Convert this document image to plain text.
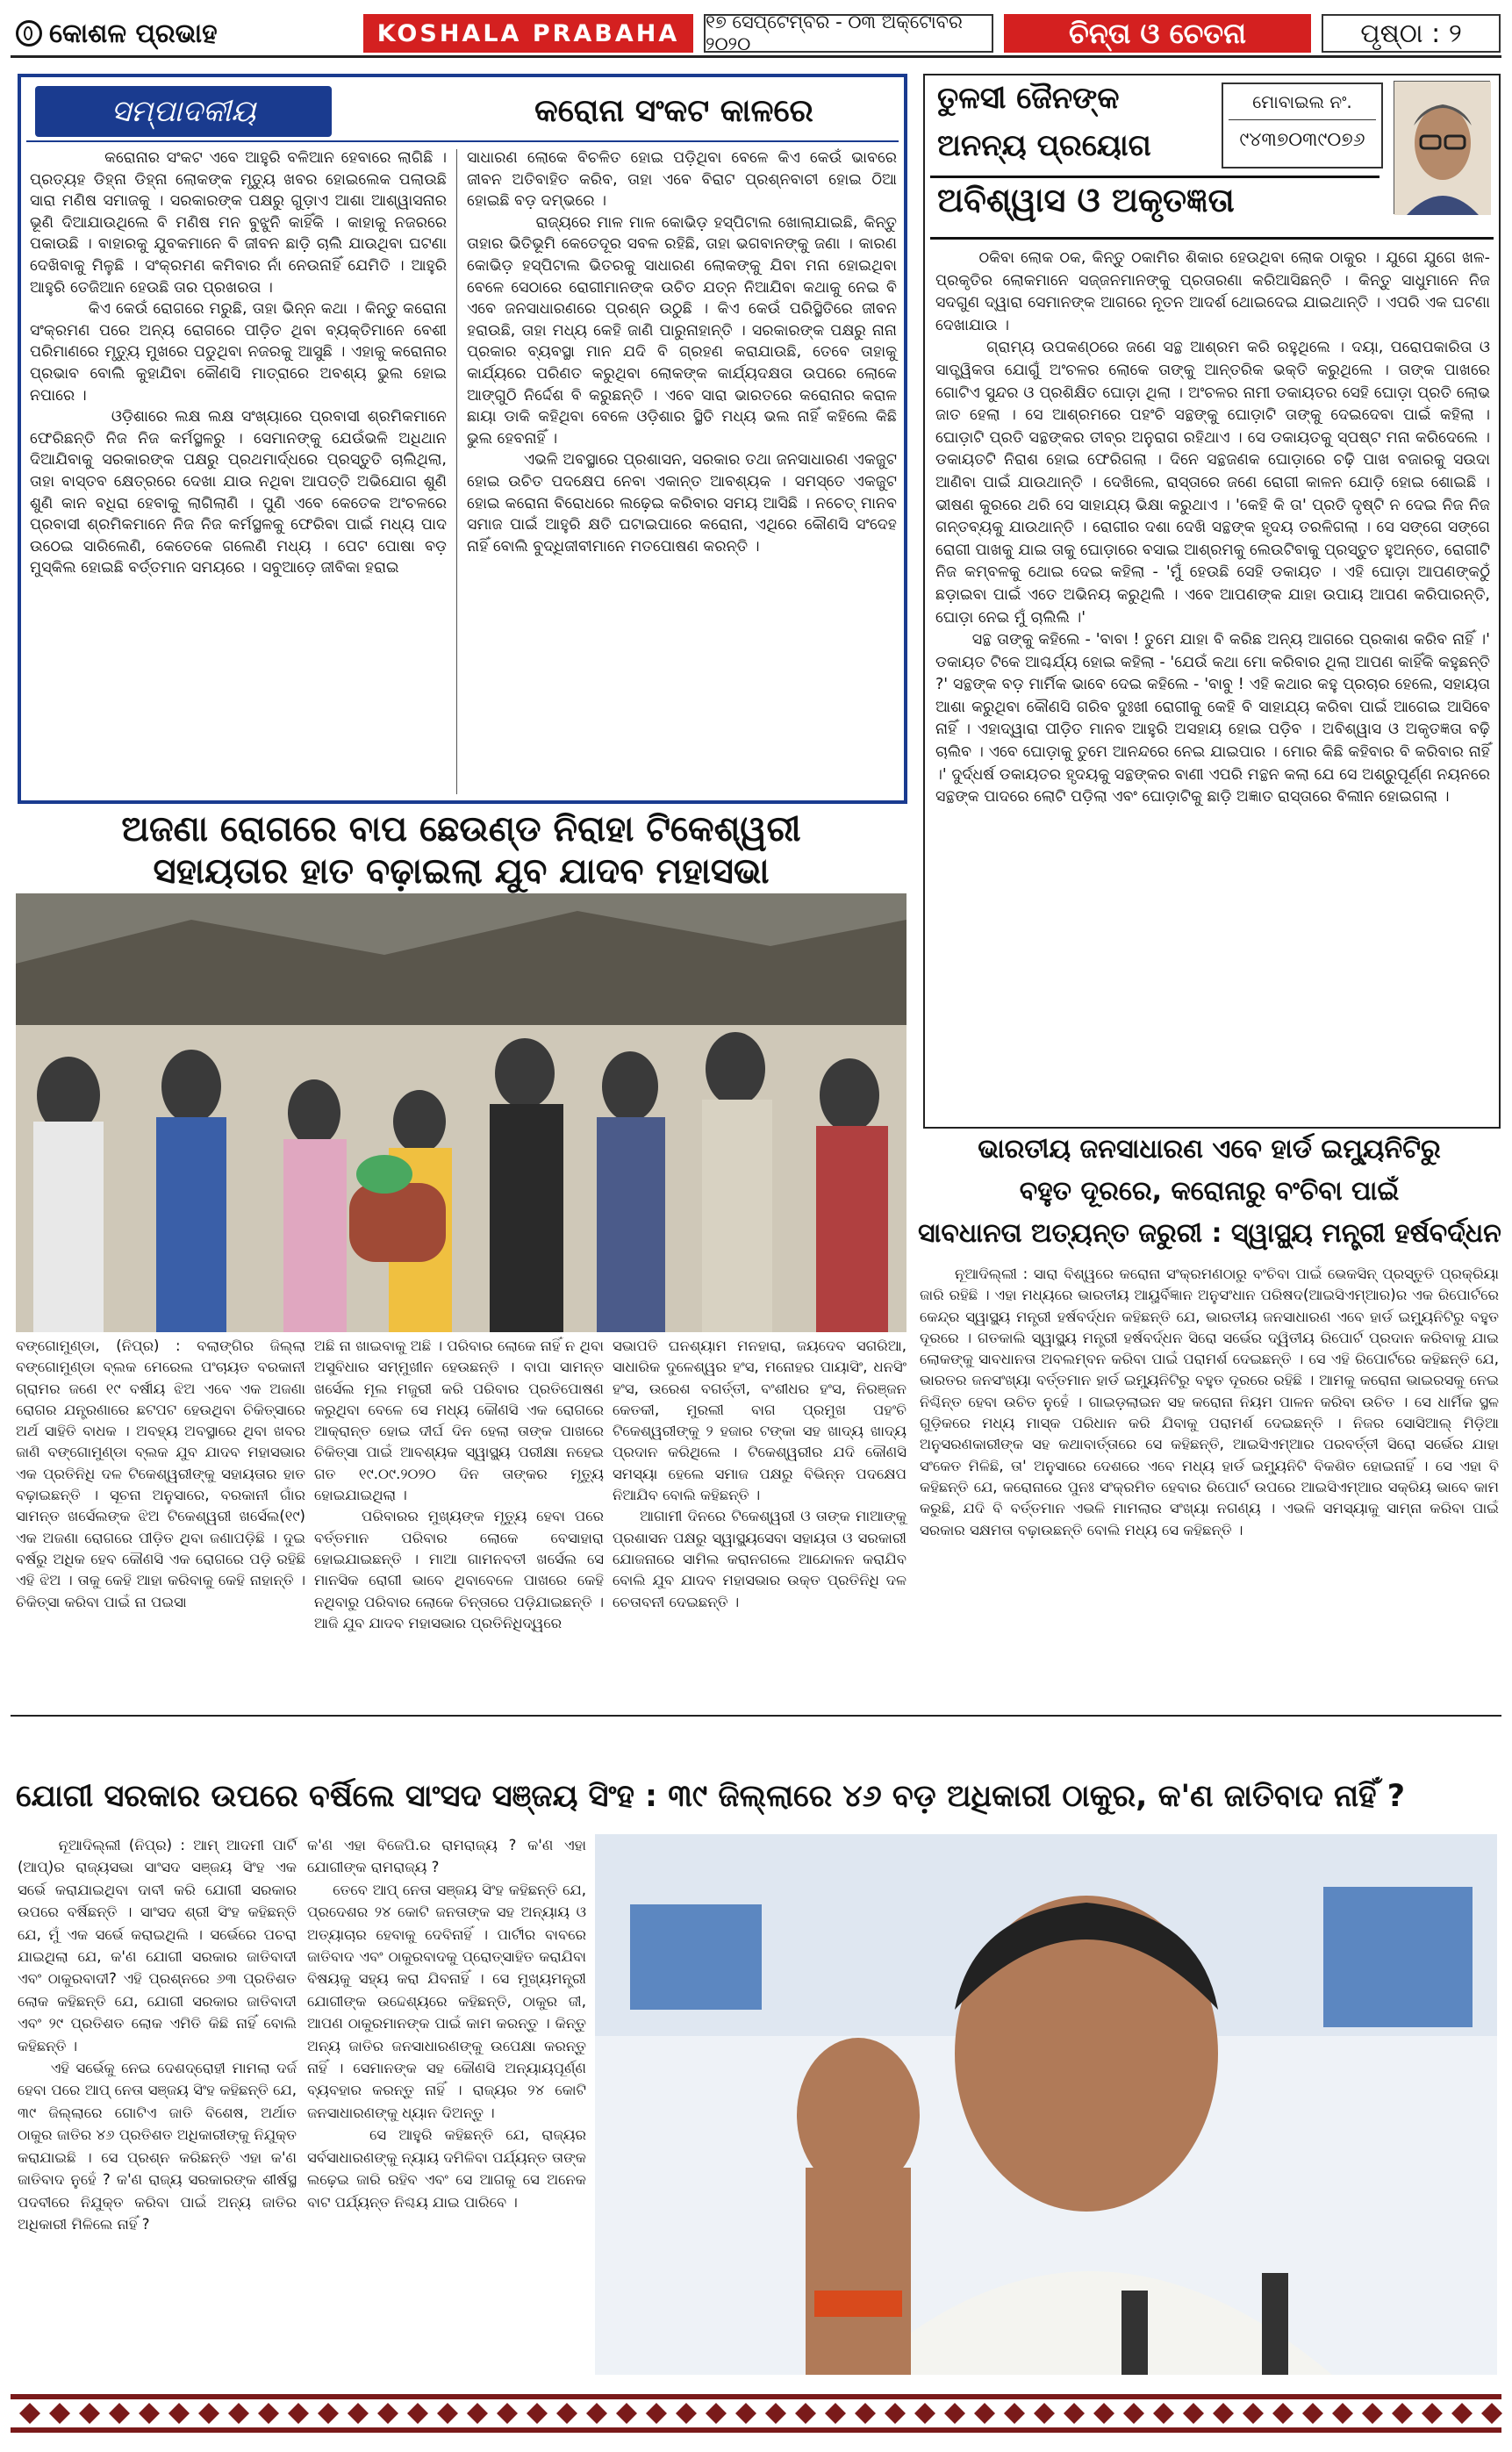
କୋଶଳ ପ୍ରଭାହ	KOSHALA PRABAHA ୧୭ ସେପ୍ଟେମ୍ବର - ୦୩ ଅକ୍ଟୋବର ୨୦୨୦	ଚିନ୍ତା ଓ ଚେତନା	ପୃଷ୍ଠା : ୨
ସମ୍ପାଦକୀୟ	କରୋନା ସଂକଟ କାଳରେ

କରୋନାର ସଂକଟ ଏବେ ଆହୁରି ବଳିଆନ ହେବାରେ ଲାଗିଛି । ପ୍ରତ୍ୟହ ଡିହ୍ନା ଡିହ୍ନା ଲୋକଙ୍କ ମୃତ୍ୟୁ ଖବର ହୋଇଲେକ ପଲାଉଛି ସାରା ମଣିଷ ସମାଜକୁ । ସରକାରଙ୍କ ପକ୍ଷରୁ ଗୁଡ଼ାଏ ଆଶା ଆଶ୍ୱାସନାର ଭୂଣି ଦିଆଯାଉଥିଲେ ବି ମଣିଷ ମନ ବୁଝୁନି କାହିଁକି । କାହାକୁ ନଜରରେ ପକାଉଛି । ବାହାରକୁ ଯୁବକମାନେ ବି ଜୀବନ ଛାଡ଼ି ଚାଲି ଯାଉଥିବା ଘଟଣା ଦେଖିବାକୁ ମିଳୁଛି । ସଂକ୍ରମଣ କମିବାର ନାଁ ନେଉନାହିଁ ଯେମିତି । ଆହୁରି ଆହୁରି ତେଜିଆନ ହେଉଛି ତାର ପ୍ରଖରତା ।
କିଏ କେଉଁ ରୋଗରେ ମରୁଛି, ତାହା ଭିନ୍ନ କଥା । କିନ୍ତୁ କରୋନା ସଂକ୍ରମଣ ପରେ ଅନ୍ୟ ରୋଗରେ ପୀଡ଼ିତ ଥିବା ବ୍ୟକ୍ତିମାନେ ବେଶୀ ପରିମାଣରେ ମୃତ୍ୟୁ ମୁଖରେ ପଡୁଥିବା ନଜରକୁ ଆସୁଛି । ଏହାକୁ କରୋନାର ପ୍ରଭାବ ବୋଲି କୁହାଯିବା କୌଣସି ମାତ୍ରାରେ ଅବଶ୍ୟ ଭୁଲ ହୋଇ ନପାରେ ।
ଓଡ଼ିଶାରେ ଲକ୍ଷ ଲକ୍ଷ ସଂଖ୍ୟାରେ ପ୍ରବାସୀ ଶ୍ରମିକମାନେ ଫେରିଛନ୍ତି ନିଜ ନିଜ କର୍ମସ୍ଥଳରୁ । ସେମାନଙ୍କୁ ଯେଉଁଭଳି ଅଧିଥାନ ଦିଆଯିବାକୁ ସରକାରଙ୍କ ପକ୍ଷରୁ ପ୍ରଥମାର୍ଦ୍ଧରେ ପ୍ରସ୍ତୁତି ଚାଲିଥିଲା, ତାହା ବାସ୍ତବ କ୍ଷେତ୍ରରେ ଦେଖା ଯାଉ ନଥିବା ଆପତ୍ତି ଅଭିଯୋଗ ଶୁଣି ଶୁଣି କାନ ବଧିରା ହେବାକୁ ଲାଗିଲାଣି । ପୁଣି ଏବେ କେତେକ ଅଂଚଳରେ ପ୍ରବାସୀ ଶ୍ରମିକମାନେ ନିଜ ନିଜ କର୍ମସ୍ଥଳକୁ ଫେରିବା ପାଇଁ ମଧ୍ୟ ପାଦ ଉଠେଇ ସାରିଲେଣି, କେତେକେ ଗଲେଣି ମଧ୍ୟ । ପେଟ ପୋଷା ବଡ଼ ମୁସ୍କିଲ ହୋଇଛି ବର୍ତ୍ତମାନ ସମୟରେ । ସବୁଆଡ଼େ ଜୀବିକା ହରାଇ

ସାଧାରଣ ଲୋକେ ବିଚଳିତ ହୋଇ ପଡ଼ିଥିବା ବେଳେ କିଏ କେଉଁ ଭାବରେ ଜୀବନ ଅତିବାହିତ କରିବ, ତାହା ଏବେ ବିରାଟ ପ୍ରଶ୍ନବାଚୀ ହୋଇ ଠିଆ ହୋଇଛି ବଡ଼ ଦମ୍ଭରେ ।
ରାଜ୍ୟରେ ମାଳ ମାଳ କୋଭିଡ଼ ହସ୍ପିଟାଲ ଖୋଲାଯାଇଛି, କିନ୍ତୁ ତାହାର ଭିତିଭୂମି କେତେଦୂର ସବଳ ରହିଛି, ତାହା ଭଗବାନଙ୍କୁ ଜଣା । କାରଣ କୋଭିଡ଼ ହସ୍ପିଟାଲ ଭିତରକୁ ସାଧାରଣ ଲୋକଙ୍କୁ ଯିବା ମନା ହୋଇଥିବା ବେଳେ ସେଠାରେ ରୋଗୀମାନଙ୍କ ଉଚିତ ଯତ୍ନ ନିଆଯିବା କଥାକୁ ନେଇ ବି ଏବେ ଜନସାଧାରଣରେ ପ୍ରଶ୍ନ ଉଠୁଛି । କିଏ କେଉଁ ପରିସ୍ଥିତିରେ ଜୀବନ ହରାଉଛି, ତାହା ମଧ୍ୟ କେହି ଜାଣି ପାରୁନାହାନ୍ତି । ସରକାରଙ୍କ ପକ୍ଷରୁ ନାନା ପ୍ରକାର ବ୍ୟବସ୍ଥା ମାନ ଯଦି ବି ଗ୍ରହଣ କରାଯାଉଛି, ତେବେ ତାହାକୁ କାର୍ଯ୍ୟରେ ପରିଣତ କରୁଥିବା ଲୋକଙ୍କ କାର୍ଯ୍ୟଦକ୍ଷତା ଉପରେ ଲୋକେ ଆଙ୍ଗୁଠି ନିର୍ଦ୍ଦେଶ ବି କରୁଛନ୍ତି । ଏବେ ସାରା ଭାରତରେ କରୋନାର କରାଳ ଛାୟା ଡାକି କହିଥିବା ବେଳେ ଓଡ଼ିଶାର ସ୍ଥିତି ମଧ୍ୟ ଭଲ ନାହିଁ କହିଲେ କିଛି ଭୁଲ ହେବନାହିଁ ।
ଏଭଳି ଅବସ୍ଥାରେ ପ୍ରଶାସନ, ସରକାର ତଥା ଜନସାଧାରଣ ଏକଜୁଟ ହୋଇ ଉଚିତ ପଦକ୍ଷେପ ନେବା ଏକାନ୍ତ ଆବଶ୍ୟକ । ସମସ୍ତେ ଏକଜୁଟ ହୋଇ କରୋନା ବିରୋଧରେ ଲଢ଼େଇ କରିବାର ସମୟ ଆସିଛି । ନଚେତ୍ ମାନବ ସମାଜ ପାଇଁ ଆହୁରି କ୍ଷତି ଘଟାଇପାରେ କରୋନା, ଏଥିରେ କୌଣସି ସଂଦେହ ନାହିଁ ବୋଲି ବୁଦ୍ଧିଜୀବୀମାନେ ମତପୋଷଣ କରନ୍ତି ।

ତୁଳସୀ ଜୈନଙ୍କ
ଅନନ୍ୟ ପ୍ରୟୋଗ
ମୋବାଇଲ ନଂ.
୯୪୩୭୦୩୯୦୭୬
ଅବିଶ୍ୱାସ ଓ ଅକୃତଜ୍ଞତା

ଠକିବା ଲୋକ ଠକ, କିନ୍ତୁ ଠକାମିର ଶିକାର ହେଉଥିବା ଲୋକ ଠାକୁର । ଯୁଗେ ଯୁଗେ ଖଳ-ପ୍ରକୃତିର ଲୋକମାନେ ସଜ୍ଜନମାନଙ୍କୁ ପ୍ରତାରଣା କରିଆସିଛନ୍ତି । କିନ୍ତୁ ସାଧୁମାନେ ନିଜ ସଦଗୁଣ ଦ୍ୱାରା ସେମାନଙ୍କ ଆଗରେ ନୂତନ ଆଦର୍ଶ ଥୋଇଦେଇ ଯାଇଥାନ୍ତି । ଏପରି ଏକ ଘଟଣା ଦେଖାଯାଉ ।
ଗ୍ରାମ୍ୟ ଉପକଣ୍ଠରେ ଜଣେ ସନ୍ଥ ଆଶ୍ରମ କରି ରହୁଥିଲେ । ଦୟା, ପରୋପକାରିତା ଓ ସାତ୍ତ୍ୱିକତା ଯୋଗୁଁ ଅଂଚଳର ଲୋକେ ତାଙ୍କୁ ଆନ୍ତରିକ ଭକ୍ତି କରୁଥିଲେ । ତାଙ୍କ ପାଖରେ ଗୋଟିଏ ସୁନ୍ଦର ଓ ପ୍ରଶିକ୍ଷିତ ଘୋଡ଼ା ଥିଲା । ଅଂଚଳର ନାମୀ ଡକାୟତର ସେହି ଘୋଡ଼ା ପ୍ରତି ଲୋଭ ଜାତ ହେଲା । ସେ ଆଶ୍ରମରେ ପହଂଚି ସନ୍ଥଙ୍କୁ ଘୋଡ଼ାଟି ତାଙ୍କୁ ଦେଇଦେବା ପାଇଁ କହିଲା । ଘୋଡ଼ାଟି ପ୍ରତି ସନ୍ଥଙ୍କର ତୀବ୍ର ଅନୁରାଗ ରହିଥାଏ । ସେ ଡକାୟତକୁ ସ୍ପଷ୍ଟ ମନା କରିଦେଲେ । ଡକାୟତଟି ନିରାଶ ହୋଇ ଫେରିଗଲା । ଦିନେ ସନ୍ଥଜଣକ ଘୋଡ଼ାରେ ଚଢ଼ି ପାଖ ବଜାରକୁ ସଉଦା ଆଣିବା ପାଇଁ ଯାଉଥାନ୍ତି । ଦେଖିଲେ, ରାସ୍ତାରେ ଜଣେ ରୋଗୀ କାଳନ ଯୋଡ଼ି ହୋଇ ଶୋଇଛି । ଭୀଷଣ କୁରରେ ଥରି ସେ ସାହାଯ୍ୟ ଭିକ୍ଷା କରୁଥାଏ । 'କେହି କି ତା' ପ୍ରତି ଦୃଷ୍ଟି ନ ଦେଇ ନିଜ ନିଜ ଗନ୍ତବ୍ୟକୁ ଯାଉଥାନ୍ତି । ରୋଗୀର ଦଶା ଦେଖି ସନ୍ଥଙ୍କ ହୃଦୟ ତରଳିଗଲା । ସେ ସଙ୍ଗେ ସଙ୍ଗେ ରୋଗୀ ପାଖକୁ ଯାଇ ତାକୁ ଘୋଡ଼ାରେ ବସାଇ ଆଶ୍ରମକୁ ଲେଉଟିବାକୁ ପ୍ରସ୍ତୁତ ହୁଅନ୍ତେ, ରୋଗୀଟି ନିଜ କମ୍ବଳକୁ ଥୋଇ ଦେଇ କହିଲା - 'ମୁଁ ହେଉଛି ସେହି ଡକାୟତ । ଏହି ଘୋଡ଼ା ଆପଣଙ୍କଠୁଁ ଛଡ଼ାଇବା ପାଇଁ ଏତେ ଅଭିନୟ କରୁଥିଲି । ଏବେ ଆପଣଙ୍କ ଯାହା ଉପାୟ ଆପଣ କରିପାରନ୍ତି, ଘୋଡ଼ା ନେଇ ମୁଁ ଚାଲିଲି ।'
ସନ୍ଥ ତାଙ୍କୁ କହିଲେ - 'ବାବା ! ତୁମେ ଯାହା ବି କରିଛ ଅନ୍ୟ ଆଗରେ ପ୍ରକାଶ କରିବ ନାହିଁ ।' ଡକାୟତ ଟିକେ ଆଶ୍ଚର୍ଯ୍ୟ ହୋଇ କହିଲା - 'ଯେଉଁ କଥା ମୋ କରିବାର ଥିଲା ଆପଣ କାହିଁକି କହୁଛନ୍ତି ?' ସନ୍ଥଙ୍କ ବଡ଼ ମାର୍ମିକ ଭାବେ ଦେଇ କହିଲେ - 'ବାବୁ ! ଏହି କଥାର କହୁ ପ୍ରଚାର ହେଲେ, ସହାୟତା ଆଶା କରୁଥିବା କୌଣସି ଗରିବ ଦୁଃଖୀ ରୋଗୀକୁ କେହି ବି ସାହାଯ୍ୟ କରିବା ପାଇଁ ଆଗେଇ ଆସିବେ ନାହିଁ । ଏହାଦ୍ୱାରା ପୀଡ଼ିତ ମାନବ ଆହୁରି ଅସହାୟ ହୋଇ ପଡ଼ିବ । ଅବିଶ୍ୱାସ ଓ ଅକୃତଜ୍ଞତା ବଢ଼ି ଚାଲିବ । ଏବେ ଘୋଡ଼ାକୁ ତୁମେ ଆନନ୍ଦରେ ନେଇ ଯାଇପାର । ମୋର କିଛି କହିବାର ବି କରିବାର ନାହିଁ ।' ଦୁର୍ଦ୍ଧର୍ଷ ଡକାୟତର ହୃଦୟକୁ ସନ୍ଥଙ୍କର ବାଣୀ ଏପରି ମନ୍ଥନ କଲା ଯେ ସେ ଅଶ୍ରୁପୂର୍ଣ୍ଣ ନୟନରେ ସନ୍ଥଙ୍କ ପାଦରେ ଲୋଟି ପଡ଼ିଲା ଏବଂ ଘୋଡ଼ାଟିକୁ ଛାଡ଼ି ଅଜ୍ଞାତ ରାସ୍ତାରେ ବିଲୀନ ହୋଇଗଲା ।

ଅଜଣା ରୋଗରେ ବାପ ଛେଉଣ୍ଡ ନିରାହା ଟିକେଶ୍ୱରୀ
ସହାୟତାର ହାତ ବଢ଼ାଇଲା ଯୁବ ଯାଦବ ମହାସଭା

ବଙ୍ଗୋମୁଣ୍ଡା, (ନିପ୍ର) : ବଲାଙ୍ଗିର ଜିଲ୍ଲା ବଙ୍ଗୋମୁଣ୍ଡା ବ୍ଲକ ମେରେଲ ପଂଚାୟତ ବରକାନୀ ଗ୍ରାମର ଜଣେ ୧୯ ବର୍ଷୀୟ ଝିଅ ଏବେ ଏକ ଅଜଣା ରୋଗର ଯନ୍ତ୍ରଣାରେ ଛଟପଟ ହେଉଥିବା ଚିକିତ୍ସାରେ ଅର୍ଥ ସାହିତି ବାଧକ । ଅବହ୍ୟ ଅବସ୍ଥାରେ ଥିବା ଖବର ଜାଣି ବଙ୍ଗୋମୁଣ୍ଡା ବ୍ଲକ ଯୁବ ଯାଦବ ମହାସଭାର ଏକ ପ୍ରତିନିଧି ଦଳ ଟିକେଶ୍ୱରୀଙ୍କୁ ସହାୟତାର ହାତ ବଢ଼ାଇଛନ୍ତି । ସୂଚନା ଅନୁସାରେ, ବରକାନୀ ଗାଁର ସାମନ୍ତ ଖର୍ସେଲଙ୍କ ଝିଅ ଟିକେଶ୍ୱରୀ ଖର୍ସେଲ(୧୯) ଏକ ଅଜଣା ରୋଗରେ ପୀଡ଼ିତ ଥିବା ଜଣାପଡ଼ିଛି । ଦୁଇ ବର୍ଷରୁ ଅଧିକ ହେବ କୌଣସି ଏକ ରୋଗରେ ପଡ଼ି ରହିଛି ଏହି ଝିଅ । ତାକୁ କେହି ଆହା କରିବାକୁ କେହି ନାହାନ୍ତି । ଚିକିତ୍ସା କରିବା ପାଇଁ ନା ପଇସା

ଅଛି ନା ଖାଇବାକୁ ଅଛି । ପରିବାର ଲୋକେ ନାହିଁ ନ ଥିବା ଅସୁବିଧାର ସମ୍ମୁଖୀନ ହେଉଛନ୍ତି । ବାପା ସାମନ୍ତ ଖର୍ସେଲ ମୂଲ ମଜୁରୀ କରି ପରିବାର ପ୍ରତିପୋଷଣ କରୁଥିବା ବେଳେ ସେ ମଧ୍ୟ କୌଣସି ଏକ ରୋଗରେ ଆକ୍ରାନ୍ତ ହୋଇ ଦୀର୍ଘ ଦିନ ହେଲା ତାଙ୍କ ପାଖରେ ଚିକିତ୍ସା ପାଇଁ ଆବଶ୍ୟକ ସ୍ୱାସ୍ଥ୍ୟ ପରୀକ୍ଷା ନହେଇ ଗତ ୧୯.୦୯.୨୦୨୦ ଦିନ ତାଙ୍କର ମୃତ୍ୟୁ ହୋଇଯାଇଥିଲା ।
ପରିବାରର ମୁଖ୍ୟଙ୍କ ମୃତ୍ୟୁ ହେବା ପରେ ବର୍ତ୍ତମାନ ପରିବାର ଲୋକେ ବେସାହାରା ହୋଇଯାଇଛନ୍ତି । ମାଆ ଗାମନବତୀ ଖର୍ସେଲ ସେ ମାନସିକ ରୋଗୀ ଭାବେ ଥିବାବେଳେ ପାଖରେ କେହି ନଥିବାରୁ ପରିବାର ଲୋକେ ଚିନ୍ତାରେ ପଡ଼ିଯାଇଛନ୍ତି । ଆଜି ଯୁବ ଯାଦବ ମହାସଭାର ପ୍ରତିନିଧିଦ୍ୱରେ

ସଭାପତି ଘନଶ୍ୟାମ ମନହାରା, ଜୟଦେବ ସଗରିଆ, ସାଧାରିକ ଦୁଳେଶ୍ୱର ହଂସ, ମନୋହର ପାୟାସିଂ, ଧନସିଂ ହଂସ, ଉରେଶ ବଗର୍ତ୍ତୀ, ବଂଶୀଧର ହଂସ, ନିରଞ୍ଜନ କେତକୀ, ମୁରଲୀ ବାଗ ପ୍ରମୁଖ ପହଂଚି ଟିକେଶ୍ୱରୀଙ୍କୁ ୨ ହଜାର ଟଙ୍କା ସହ ଖାଦ୍ୟ ଖାଦ୍ୟ ପ୍ରଦାନ କରିଥିଲେ । ଟିକେଶ୍ୱରୀର ଯଦି କୌଣସି ସମସ୍ୟା ହେଲେ ସମାଜ ପକ୍ଷରୁ ବିଭିନ୍ନ ପଦକ୍ଷେପ ନିଆଯିବ ବୋଲି କହିଛନ୍ତି ।
ଆଗାମୀ ଦିନରେ ଟିକେଶ୍ୱରୀ ଓ ତାଙ୍କ ମାଆଙ୍କୁ ପ୍ରଶାସନ ପକ୍ଷରୁ ସ୍ୱାସ୍ଥ୍ୟସେବା ସହାୟତା ଓ ସରକାରୀ ଯୋଜନାରେ ସାମିଲ କରାନଗଲେ ଆନ୍ଦୋଳନ କରାଯିବ ବୋଲି ଯୁବ ଯାଦବ ମହାସଭାର ଉକ୍ତ ପ୍ରତିନିଧି ଦଳ ଚେତାବନୀ ଦେଇଛନ୍ତି ।

ଭାରତୀୟ ଜନସାଧାରଣ ଏବେ ହାର୍ଡ ଇମ୍ୟୁନିଟିରୁ
ବହୁତ ଦୂରରେ, କରୋନାରୁ ବଂଚିବା ପାଇଁ
ସାବଧାନତା ଅତ୍ୟନ୍ତ ଜରୁରୀ : ସ୍ୱାସ୍ଥ୍ୟ ମନ୍ତ୍ରୀ ହର୍ଷବର୍ଦ୍ଧନ

ନୂଆଦିଲ୍ଲୀ : ସାରା ବିଶ୍ୱରେ କରୋନା ସଂକ୍ରମଣଠାରୁ ବଂଚିବା ପାଇଁ ଭେକସିନ୍ ପ୍ରସ୍ତୁତି ପ୍ରକ୍ରିୟା ଜାରି ରହିଛି । ଏହା ମଧ୍ୟରେ ଭାରତୀୟ ଆୟୁର୍ବିଜ୍ଞାନ ଅନୁସଂଧାନ ପରିଷଦ(ଆଇସିଏମ୍ଆର)ର ଏକ ରିପୋର୍ଟରେ କେନ୍ଦ୍ର ସ୍ୱାସ୍ଥ୍ୟ ମନ୍ତ୍ରୀ ହର୍ଷବର୍ଦ୍ଧନ କହିଛନ୍ତି ଯେ, ଭାରତୀୟ ଜନସାଧାରଣ ଏବେ ହାର୍ଡ ଇମ୍ୟୁନିଟିରୁ ବହୁତ ଦୂରରେ । ଗତକାଲି ସ୍ୱାସ୍ଥ୍ୟ ମନ୍ତ୍ରୀ ହର୍ଷବର୍ଦ୍ଧନ ସିରୋ ସର୍ଭେର ଦ୍ୱିତୀୟ ରିପୋର୍ଟ ପ୍ରଦାନ କରିବାକୁ ଯାଇ ଲୋକଙ୍କୁ ସାବଧାନତା ଅବଲମ୍ବନ କରିବା ପାଇଁ ପରାମର୍ଶ ଦେଇଛନ୍ତି । ସେ ଏହି ରିପୋର୍ଟରେ କହିଛନ୍ତି ଯେ, ଭାରତର ଜନସଂଖ୍ୟା ବର୍ତ୍ତମାନ ହାର୍ଡ ଇମ୍ୟୁନିଟିରୁ ବହୁତ ଦୂରରେ ରହିଛି । ଆମକୁ କରୋନା ଭାଇରସକୁ ନେଇ ନିଶ୍ଚିନ୍ତ ହେବା ଉଚିତ ନୁହେଁ । ଗାଇଡ଼ଲାଇନ ସହ କରୋନା ନିୟମ ପାଳନ କରିବା ଉଚିତ । ସେ ଧାର୍ମିକ ସ୍ଥଳ ଗୁଡ଼ିକରେ ମଧ୍ୟ ମାସ୍କ ପରିଧାନ କରି ଯିବାକୁ ପରାମର୍ଶ ଦେଇଛନ୍ତି । ନିଜର ସୋସିଆଲ୍ ମିଡ଼ିଆ ଅନୁସରଣକାରୀଙ୍କ ସହ କଥାବାର୍ତ୍ତାରେ ସେ କହିଛନ୍ତି, ଆଇସିଏମ୍ଆର ପରବର୍ତ୍ତୀ ସିରୋ ସର୍ଭେର ଯାହା ସଂକେତ ମିଳିଛି, ତା' ଅନୁସାରେ ଦେଶରେ ଏବେ ମଧ୍ୟ ହାର୍ଡ ଇମ୍ୟୁନିଟି ବିକଶିତ ହୋଇନାହିଁ । ସେ ଏହା ବି କହିଛନ୍ତି ଯେ, କରୋନାରେ ପୁନଃ ସଂକ୍ରମିତ ହେବାର ରିପୋର୍ଟ ଉପରେ ଆଇସିଏମ୍ଆର ସକ୍ରିୟ ଭାବେ କାମ କରୁଛି, ଯଦି ବି ବର୍ତ୍ତମାନ ଏଭଳି ମାମଲାର ସଂଖ୍ୟା ନଗଣ୍ୟ । ଏଭଳି ସମସ୍ୟାକୁ ସାମ୍ନା କରିବା ପାଇଁ ସରକାର ସକ୍ଷମତା ବଢ଼ାଉଛନ୍ତି ବୋଲି ମଧ୍ୟ ସେ କହିଛନ୍ତି ।

ଯୋଗୀ ସରକାର ଉପରେ ବର୍ଷିଲେ ସାଂସଦ ସଞ୍ଜୟ ସିଂହ : ୩୯ ଜିଲ୍ଲାରେ ୪୬ ବଡ଼ ଅଧିକାରୀ ଠାକୁର, କ'ଣ ଜାତିବାଦ ନାହିଁ ?

ନୂଆଦିଲ୍ଲୀ (ନିପ୍ର) : ଆମ୍ ଆଦମୀ ପାର୍ଟି (ଆପ୍)ର ରାଜ୍ୟସଭା ସାଂସଦ ସଞ୍ଜୟ ସିଂହ ଏକ ସର୍ଭେ କରାଯାଇଥିବା ଦାବୀ କରି ଯୋଗୀ ସରକାର ଉପରେ ବର୍ଷିଛନ୍ତି । ସାଂସଦ ଶ୍ରୀ ସିଂହ କହିଛନ୍ତି ଯେ, ମୁଁ ଏକ ସର୍ଭେ କରାଇଥିଲି । ସର୍ଭେରେ ପଚରା ଯାଇଥିଲା ଯେ, କ'ଣ ଯୋଗୀ ସରକାର ଜାତିବାଦୀ ଏବଂ ଠାକୁରବାଦୀ? ଏହି ପ୍ରଶ୍ନରେ ୬୩ ପ୍ରତିଶତ ଲୋକ କହିଛନ୍ତି ଯେ, ଯୋଗୀ ସରକାର ଜାତିବାଦୀ ଏବଂ ୨୯ ପ୍ରତିଶତ ଲୋକ ଏମିତି କିଛି ନାହିଁ ବୋଲି କହିଛନ୍ତି ।
ଏହି ସର୍ଭେକୁ ନେଇ ଦେଶଦ୍ରୋହୀ ମାମଲା ଦର୍ଜ ହେବା ପରେ ଆପ୍ ନେତା ସଞ୍ଜୟ ସିଂହ କହିଛନ୍ତି ଯେ, ୩୯ ଜିଲ୍ଲାରେ ଗୋଟିଏ ଜାତି ବିଶେଷ, ଅର୍ଥାତ ଠାକୁର ଜାତିର ୪୬ ପ୍ରତିଶତ ଅଧିକାରୀଙ୍କୁ ନିଯୁକ୍ତ କରାଯାଇଛି । ସେ ପ୍ରଶ୍ନ କରିଛନ୍ତି ଏହା କ'ଣ ଜାତିବାଦ ନୁହେଁ ? କ'ଣ ରାଜ୍ୟ ସରକାରଙ୍କ ଶୀର୍ଷସ୍ଥ ପଦବୀରେ ନିଯୁକ୍ତ କରିବା ପାଇଁ ଅନ୍ୟ ଜାତିର ଅଧିକାରୀ ମିଳିଲେ ନାହିଁ ?

କ'ଣ ଏହା ବିଜେପି.ର ରାମରାଜ୍ୟ ? କ'ଣ ଏହା ଯୋଗୀଙ୍କ ରାମରାଜ୍ୟ ?
ତେବେ ଆପ୍ ନେତା ସଞ୍ଜୟ ସିଂହ କହିଛନ୍ତି ଯେ, ପ୍ରଦେଶର ୨୪ କୋଟି ଜନତାଙ୍କ ସହ ଅନ୍ୟାୟ ଓ ଅତ୍ୟାଚାର ହେବାକୁ ଦେବିନାହିଁ । ପାର୍ଟୀର ବାବରେ ଜାତିବାଦ ଏବଂ ଠାକୁରବାଦକୁ ପ୍ରୋତ୍ସାହିତ କରାଯିବା ବିଷୟକୁ ସହ୍ୟ କରା ଯିବନାହିଁ । ସେ ମୁଖ୍ୟମନ୍ତ୍ରୀ ଯୋଗୀଙ୍କ ଉଦ୍ଦେଶ୍ୟରେ କହିଛନ୍ତି, ଠାକୁର ଜୀ, ଆପଣ ଠାକୁରମାନଙ୍କ ପାଇଁ କାମ କରନ୍ତୁ । କିନ୍ତୁ ଅନ୍ୟ ଜାତିର ଜନସାଧାରଣଙ୍କୁ ଉପେକ୍ଷା କରନ୍ତୁ ନାହିଁ । ସେମାନଙ୍କ ସହ କୌଣସି ଅନ୍ୟାୟପୂର୍ଣ୍ଣ ବ୍ୟବହାର କରନ୍ତୁ ନାହିଁ । ରାଜ୍ୟର ୨୪ କୋଟି ଜନସାଧାରଣଙ୍କୁ ଧ୍ୟାନ ଦିଅନ୍ତୁ ।
ସେ ଆହୁରି କହିଛନ୍ତି ଯେ, ରାଜ୍ୟର ସର୍ବସାଧାରଣଙ୍କୁ ନ୍ୟାୟ ଦମିଳିବା ପର୍ଯ୍ୟନ୍ତ ତାଙ୍କ ଲଢ଼େଇ ଜାରି ରହିବ ଏବଂ ସେ ଆଗକୁ ସେ ଅନେକ ବାଟ ପର୍ଯ୍ୟନ୍ତ ନିଶ୍ଚୟ ଯାଇ ପାରିବେ ।
